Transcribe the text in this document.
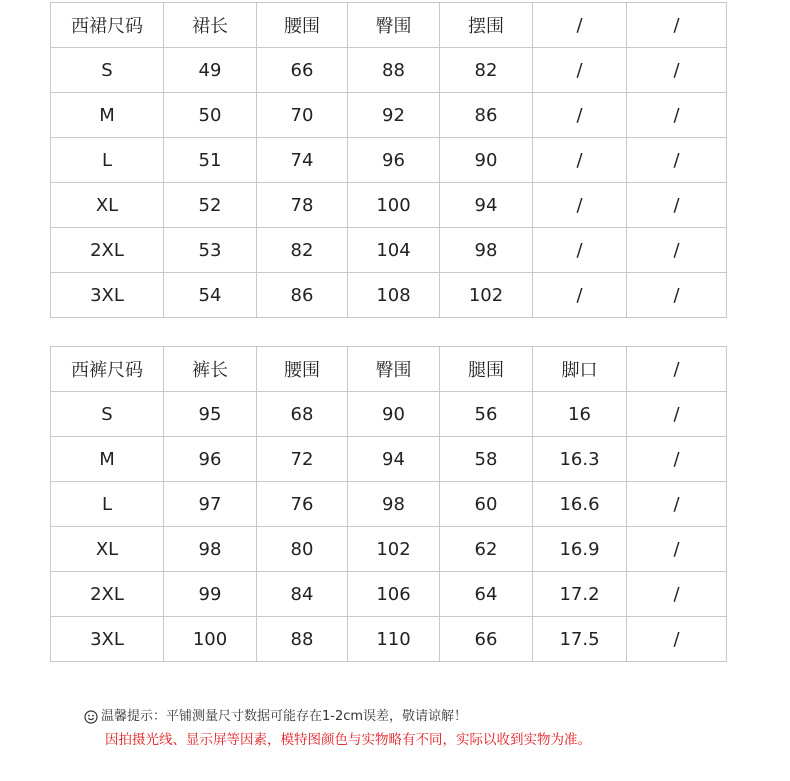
西裙尺码	裙长	腰围	臀围	摆围	/	/
S	49	66	88	82	/	/
M	50	70	92	86	/	/
L	51	74	96	90	/	/
XL	52	78	100	94	/	/
2XL	53	82	104	98	/	/
3XL	54	86	108	102	/	/
西裤尺码	裤长	腰围	臀围	腿围	脚口	/
S	95	68	90	56	16	/
M	96	72	94	58	16.3	/
L	97	76	98	60	16.6	/
XL	98	80	102	62	16.9	/
2XL	99	84	106	64	17.2	/
3XL	100	88	110	66	17.5	/
温馨提示：平铺测量尺寸数据可能存在1-2cm误差，敬请谅解！
因拍摄光线、显示屏等因素，模特图颜色与实物略有不同，实际以收到实物为准。
